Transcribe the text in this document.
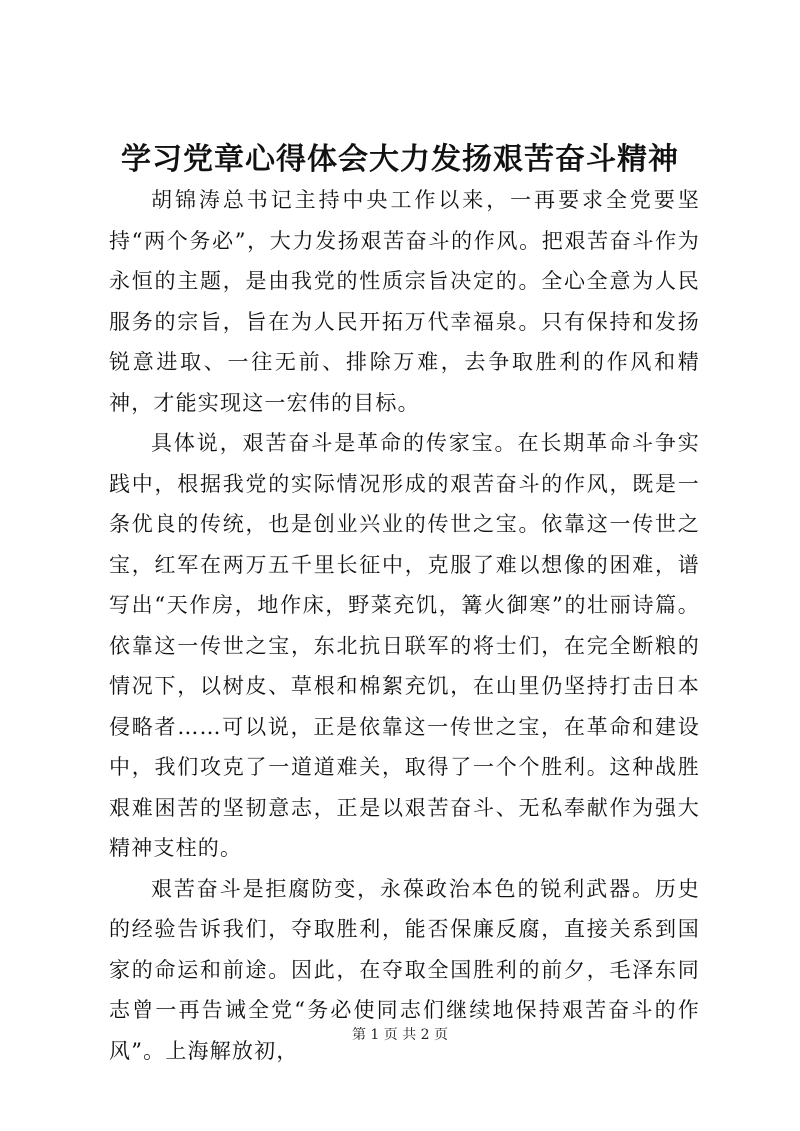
学习党章心得体会大力发扬艰苦奋斗精神

胡锦涛总书记主持中央工作以来，一再要求全党要坚持“两个务必”，大力发扬艰苦奋斗的作风。把艰苦奋斗作为永恒的主题，是由我党的性质宗旨决定的。全心全意为人民服务的宗旨，旨在为人民开拓万代幸福泉。只有保持和发扬锐意进取、一往无前、排除万难，去争取胜利的作风和精神，才能实现这一宏伟的目标。

具体说，艰苦奋斗是革命的传家宝。在长期革命斗争实践中，根据我党的实际情况形成的艰苦奋斗的作风，既是一条优良的传统，也是创业兴业的传世之宝。依靠这一传世之宝，红军在两万五千里长征中，克服了难以想像的困难，谱写出“天作房，地作床，野菜充饥，篝火御寒”的壮丽诗篇。依靠这一传世之宝，东北抗日联军的将士们，在完全断粮的情况下，以树皮、草根和棉絮充饥，在山里仍坚持打击日本侵略者……可以说，正是依靠这一传世之宝，在革命和建设中，我们攻克了一道道难关，取得了一个个胜利。这种战胜艰难困苦的坚韧意志，正是以艰苦奋斗、无私奉献作为强大精神支柱的。

艰苦奋斗是拒腐防变，永葆政治本色的锐利武器。历史的经验告诉我们，夺取胜利，能否保廉反腐，直接关系到国家的命运和前途。因此，在夺取全国胜利的前夕，毛泽东同志曾一再告诫全党“务必使同志们继续地保持艰苦奋斗的作风”。上海解放初，

第 1 页 共 2 页
